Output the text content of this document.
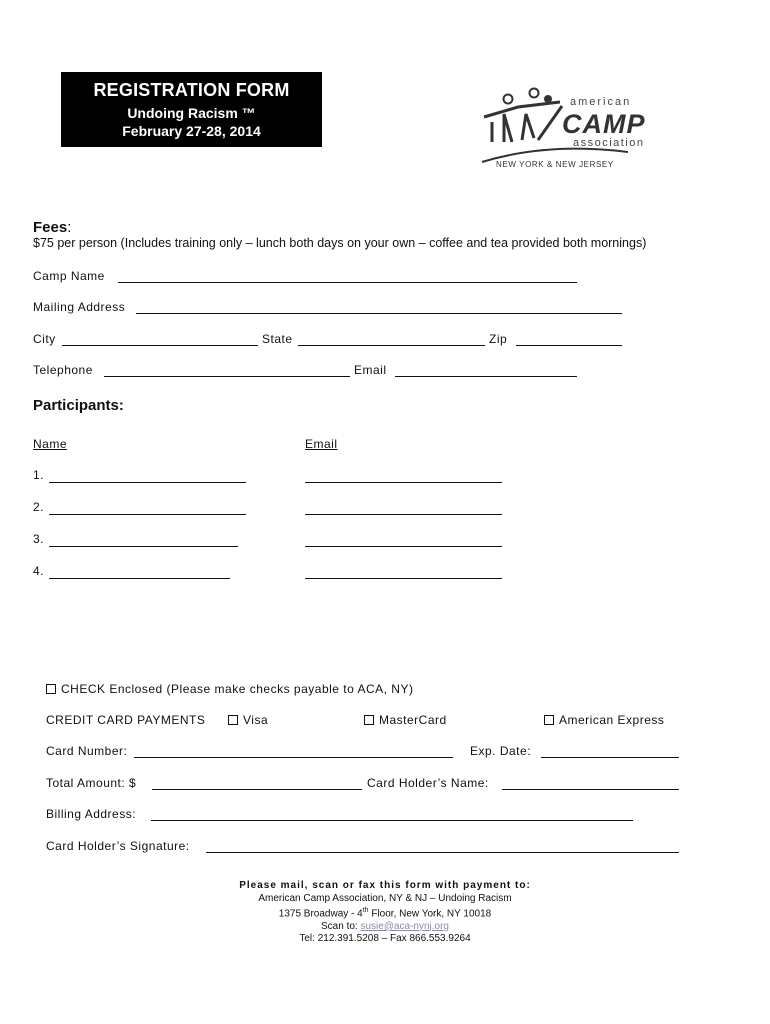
REGISTRATION FORM
Undoing Racism ™
February 27-28, 2014
american
CAMP
association
NEW YORK & NEW JERSEY
Fees:
$75 per person (Includes training only – lunch both days on your own – coffee and tea provided both mornings)
Camp Name
Mailing Address
City	State	Zip
Telephone	Email
Participants:
Name	Email
1.
2.
3.
4.
CHECK Enclosed (Please make checks payable to ACA, NY)
CREDIT CARD PAYMENTS	Visa	MasterCard	American Express
Card Number:	Exp. Date:
Total Amount: $	Card Holder’s Name:
Billing Address:
Card Holder’s Signature:
Please mail, scan or fax this form with payment to:
American Camp Association, NY & NJ – Undoing Racism
1375 Broadway - 4th Floor, New York, NY 10018
Scan to: susie@aca-nynj.org
Tel: 212.391.5208 – Fax 866.553.9264
